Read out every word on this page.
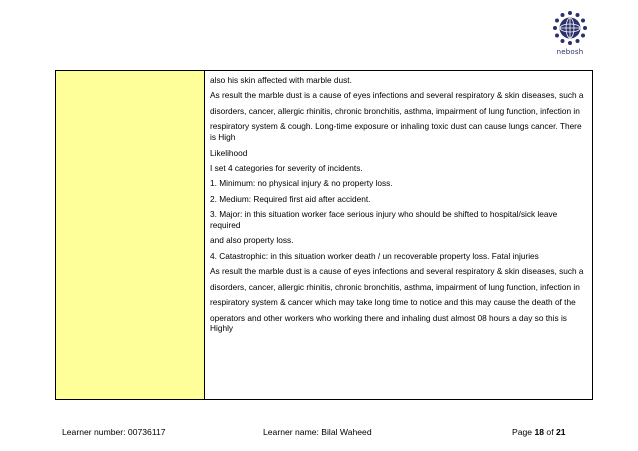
nebosh

also his skin affected with marble dust.

As result the marble dust is a cause of eyes infections and several respiratory & skin diseases, such a

disorders, cancer, allergic rhinitis, chronic bronchitis, asthma, impairment of lung function, infection in

respiratory system & cough. Long-time exposure or inhaling toxic dust can cause lungs cancer. There is High

Likelihood

I set 4 categories for severity of incidents.

1. Minimum: no physical injury & no property loss.

2. Medium: Required first aid after accident.

3. Major: in this situation worker face serious injury who should be shifted to hospital/sick leave required

and also property loss.

4. Catastrophic: in this situation worker death / un recoverable property loss. Fatal injuries

As result the marble dust is a cause of eyes infections and several respiratory & skin diseases, such a

disorders, cancer, allergic rhinitis, chronic bronchitis, asthma, impairment of lung function, infection in

respiratory system & cancer which may take long time to notice and this may cause the death of the

operators and other workers who working there and inhaling dust almost 08 hours a day so this is Highly

Learner number: 00736117	Learner name: Bilal Waheed	Page 18 of 21
